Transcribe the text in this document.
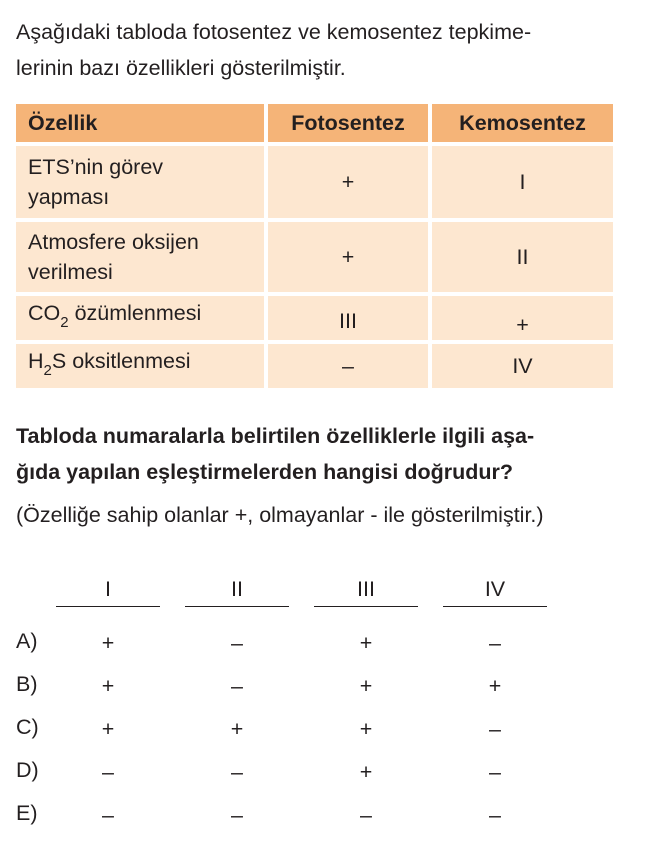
Aşağıdaki tabloda fotosentez ve kemosentez tepkime-
lerinin bazı özellikleri gösterilmiştir.

Özellik	Fotosentez	Kemosentez
ETS’nin görev
yapması
+	I
Atmosfere oksijen
verilmesi
+	II
$CO_2$ özümlenmesi	III	+
$H_2S$ oksitlenmesi	–	IV

Tabloda numaralarla belirtilen özelliklerle ilgili aşa-
ğıda yapılan eşleştirmelerden hangisi doğrudur?

(Özelliğe sahip olanlar +, olmayanlar - ile gösterilmiştir.)

I	II	III	IV
A)	+	–	+	–
B)	+	–	+	+
C)	+	+	+	–
D)	–	–	+	–
E)	–	–	–	–
